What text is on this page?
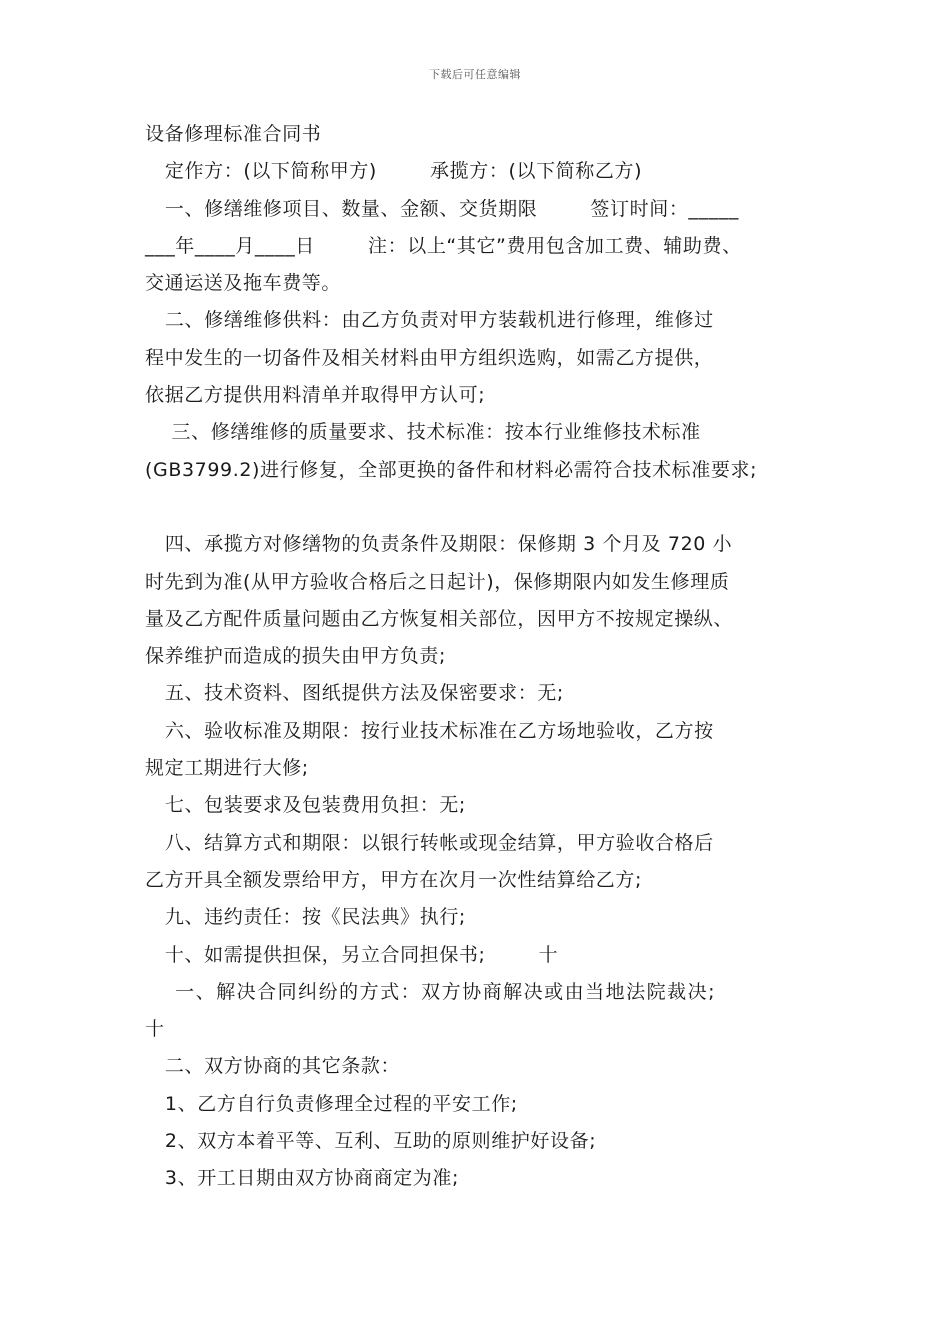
下载后可任意编辑
设备修理标准合同书
定作方：(以下简称甲方)        承揽方：(以下简称乙方)
一、修缮维修项目、数量、金额、交货期限        签订时间：_____
___年____月____日        注：以上“其它”费用包含加工费、辅助费、
交通运送及拖车费等。
二、修缮维修供料：由乙方负责对甲方装载机进行修理，维修过
程中发生的一切备件及相关材料由甲方组织选购，如需乙方提供，
依据乙方提供用料清单并取得甲方认可;
三、修缮维修的质量要求、技术标准：按本行业维修技术标准
(GB3799.2)进行修复，全部更换的备件和材料必需符合技术标准要求;
四、承揽方对修缮物的负责条件及期限：保修期 3 个月及 720 小
时先到为准(从甲方验收合格后之日起计)，保修期限内如发生修理质
量及乙方配件质量问题由乙方恢复相关部位，因甲方不按规定操纵、
保养维护而造成的损失由甲方负责;
五、技术资料、图纸提供方法及保密要求：无;
六、验收标准及期限：按行业技术标准在乙方场地验收，乙方按
规定工期进行大修;
七、包装要求及包装费用负担：无;
八、结算方式和期限：以银行转帐或现金结算，甲方验收合格后
乙方开具全额发票给甲方，甲方在次月一次性结算给乙方;
九、违约责任：按《民法典》执行;
十、如需提供担保，另立合同担保书;        十
一、解决合同纠纷的方式：双方协商解决或由当地法院裁决;
十
二、双方协商的其它条款：
1、乙方自行负责修理全过程的平安工作;
2、双方本着平等、互利、互助的原则维护好设备;
3、开工日期由双方协商商定为准;
